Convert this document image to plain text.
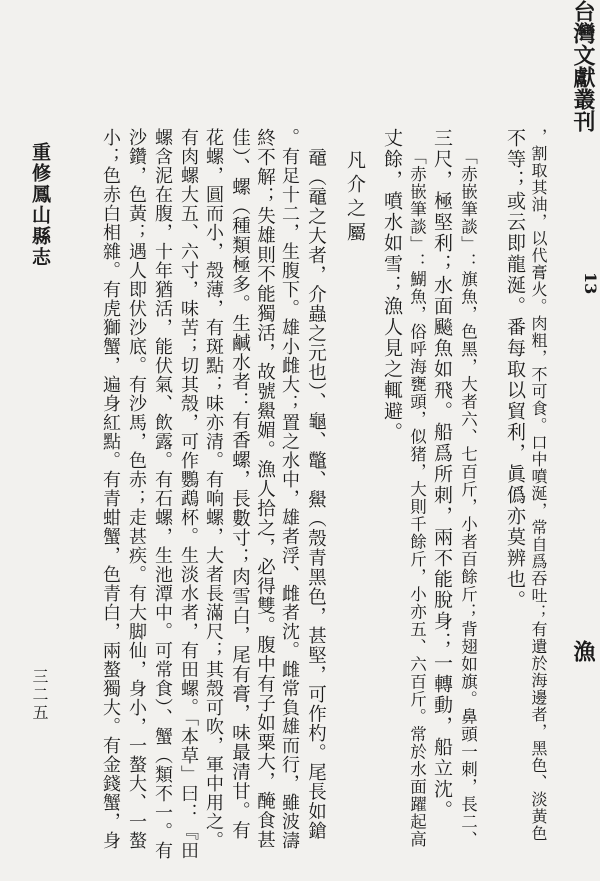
台灣文獻叢刊
13
漁
，割取其油，以代膏火。肉粗，不可食。口中噴涎，常自爲吞吐；有遺於海邊者，黑色、淡黃色
不等；或云即龍涎。番每取以貿利，眞僞亦莫辨也。
「赤嵌筆談」：旗魚，色黑，大者六、七百斤，小者百餘斤；背翅如旗。鼻頭一刺，長二、
三尺，極堅利；水面飈魚如飛。船爲所刺，兩不能脫身；一轉動，船立沈。
「赤嵌筆談」：鰗魚，俗呼海甕頭，似猪，大則千餘斤，小亦五、六百斤。常於水面躍起高
丈餘，噴水如雪；漁人見之輒避。
凡介之屬
黿（黿之大者，介蟲之元也）、龜、鼈、鱟（殼青黑色，甚堅，可作杓。尾長如鎗
。有足十二，生腹下。雄小雌大；置之水中，雄者浮、雌者沈。雌常負雄而行，雖波濤
終不解；失雄則不能獨活，故號鱟媚。漁人拾之，必得雙。腹中有子如粟大，醃食甚
佳）、螺（種類極多。生鹹水者：有香螺，長數寸；肉雪白，尾有膏，味最清甘。有
花螺，圓而小，殼薄，有斑點；味亦清。有响螺，大者長滿尺；其殼可吹，軍中用之。
有肉螺大五、六寸，味苦；切其殼，可作鸚鵡杯。生淡水者，有田螺。「本草」曰：『田
螺含泥在腹，十年猶活，能伏氣、飲露。有石螺，生池潭中。可常食）、蟹（類不一。有
沙鑽，色黃；遇人即伏沙底。有沙馬，色赤；走甚疾。有大脚仙，身小，一螯大、一螯
小；色赤白相雜。有虎獅蟹，遍身紅點。有青蚶蟹，色青白，兩螯獨大。有金錢蟹，身
重修鳳山縣志
三二五
